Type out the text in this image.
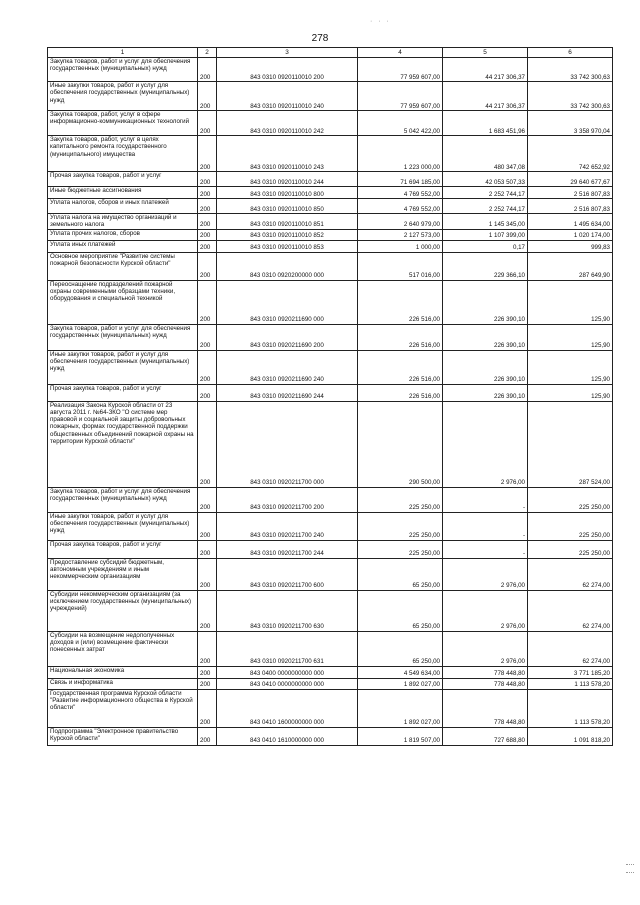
· · ·
278
1	2	3	4	5	6
Закупка товаров, работ и услуг для обеспечения государственных (муниципальных) нужд	200	843 0310 0920110010 200	77 959 607,00	44 217 306,37	33 742 300,63
Иные закупки товаров, работ и услуг для обеспечения государственных (муниципальных) нужд	200	843 0310 0920110010 240	77 959 607,00	44 217 306,37	33 742 300,63
Закупка товаров, работ, услуг в сфере информационно-коммуникационных технологий	200	843 0310 0920110010 242	5 042 422,00	1 683 451,96	3 358 970,04
Закупка товаров, работ, услуг в целях капитального ремонта государственного (муниципального) имущества	200	843 0310 0920110010 243	1 223 000,00	480 347,08	742 652,92
Прочая закупка товаров, работ и услуг	200	843 0310 0920110010 244	71 694 185,00	42 053 507,33	29 640 677,67
Иные бюджетные ассигнования	200	843 0310 0920110010 800	4 769 552,00	2 252 744,17	2 516 807,83
Уплата налогов, сборов и иных платежей	200	843 0310 0920110010 850	4 769 552,00	2 252 744,17	2 516 807,83
Уплата налога на имущество организаций и земельного налога	200	843 0310 0920110010 851	2 640 979,00	1 145 345,00	1 495 634,00
Уплата прочих налогов, сборов	200	843 0310 0920110010 852	2 127 573,00	1 107 399,00	1 020 174,00
Уплата иных платежей	200	843 0310 0920110010 853	1 000,00	0,17	999,83
Основное мероприятие "Развитие системы пожарной безопасности Курской области"	200	843 0310 0920200000 000	517 016,00	229 366,10	287 649,90
Переоснащение подразделений пожарной охраны современными образцами техники, оборудования и специальной техникой	200	843 0310 0920211690 000	226 516,00	226 390,10	125,90
Закупка товаров, работ и услуг для обеспечения государственных (муниципальных) нужд	200	843 0310 0920211690 200	226 516,00	226 390,10	125,90
Иные закупки товаров, работ и услуг для обеспечения государственных (муниципальных) нужд	200	843 0310 0920211690 240	226 516,00	226 390,10	125,90
Прочая закупка товаров, работ и услуг	200	843 0310 0920211690 244	226 516,00	226 390,10	125,90
Реализация Закона Курской области от 23 августа 2011 г. №64-ЗКО "О системе мер правовой и социальной защиты добровольных пожарных, формах государственной поддержки общественных объединений пожарной охраны на территории Курской области"	200	843 0310 0920211700 000	290 500,00	2 976,00	287 524,00
Закупка товаров, работ и услуг для обеспечения государственных (муниципальных) нужд	200	843 0310 0920211700 200	225 250,00	-	225 250,00
Иные закупки товаров, работ и услуг для обеспечения государственных (муниципальных) нужд	200	843 0310 0920211700 240	225 250,00	-	225 250,00
Прочая закупка товаров, работ и услуг	200	843 0310 0920211700 244	225 250,00	-	225 250,00
Предоставление субсидий бюджетным, автономным учреждениям и иным некоммерческим организациям	200	843 0310 0920211700 600	65 250,00	2 976,00	62 274,00
Субсидии некоммерческим организациям (за исключением государственных (муниципальных) учреждений)	200	843 0310 0920211700 630	65 250,00	2 976,00	62 274,00
Субсидии на возмещение недополученных доходов и (или) возмещение фактически понесенных затрат	200	843 0310 0920211700 631	65 250,00	2 976,00	62 274,00
Национальная экономика	200	843 0400 0000000000 000	4 549 634,00	778 448,80	3 771 185,20
Связь и информатика	200	843 0410 0000000000 000	1 892 027,00	778 448,80	1 113 578,20
Государственная программа Курской области "Развитие информационного общества в Курской области"	200	843 0410 1600000000 000	1 892 027,00	778 448,80	1 113 578,20
Подпрограмма "Электронное правительство Курской области"	200	843 0410 1610000000 000	1 819 507,00	727 688,80	1 091 818,20
